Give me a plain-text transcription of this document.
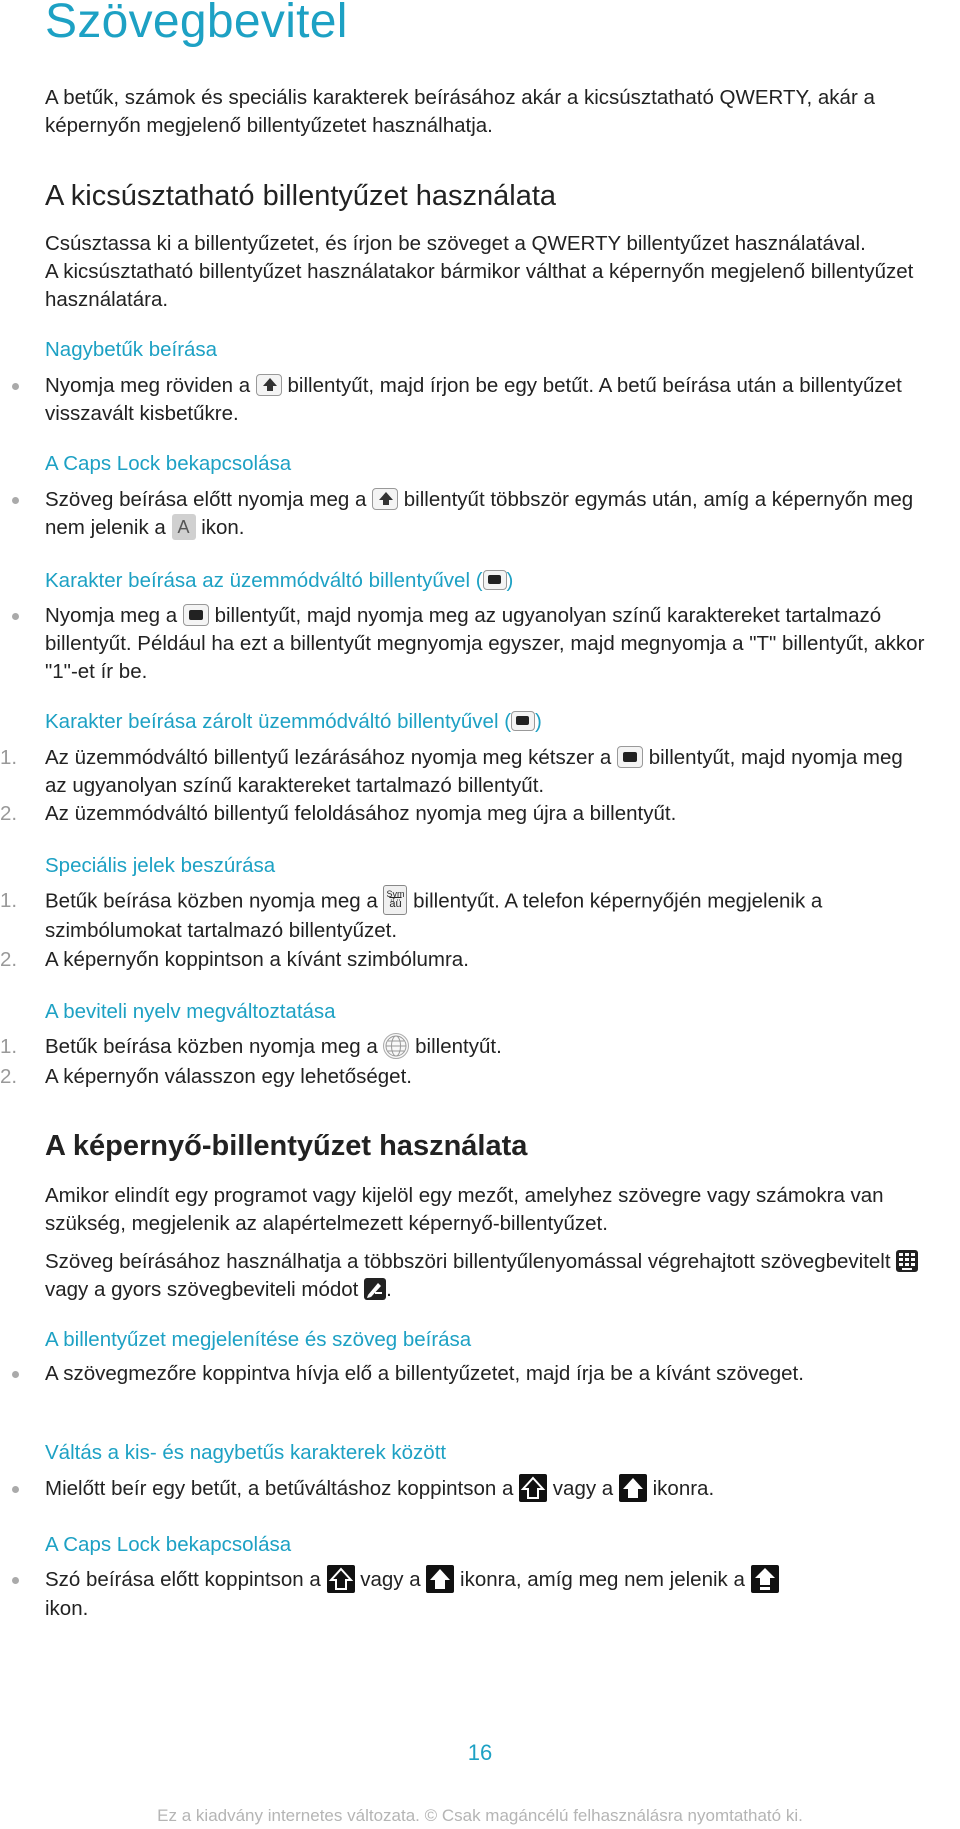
Szövegbevitel

A betűk, számok és speciális karakterek beírásához akár a kicsúsztatható QWERTY, akár a képernyőn megjelenő billentyűzetet használhatja.

A kicsúsztatható billentyűzet használata

Csúsztassa ki a billentyűzetet, és írjon be szöveget a QWERTY billentyűzet használatával.
A kicsúsztatható billentyűzet használatakor bármikor válthat a képernyőn megjelenő billentyűzet használatára.

Nagybetűk beírása
Nyomja meg röviden a billentyűt, majd írjon be egy betűt. A betű beírása után a billentyűzet visszavált kisbetűkre.
A Caps Lock bekapcsolása
Szöveg beírása előtt nyomja meg a billentyűt többször egymás után, amíg a képernyőn meg nem jelenik a A ikon.
Karakter beírása az üzemmódváltó billentyűvel ( )
Nyomja meg a billentyűt, majd nyomja meg az ugyanolyan színű karaktereket tartalmazó billentyűt. Például ha ezt a billentyűt megnyomja egyszer, majd megnyomja a "T" billentyűt, akkor "1"-et ír be.
Karakter beírása zárolt üzemmódváltó billentyűvel ( )
1. Az üzemmódváltó billentyű lezárásához nyomja meg kétszer a billentyűt, majd nyomja meg az ugyanolyan színű karaktereket tartalmazó billentyűt.
2. Az üzemmódváltó billentyű feloldásához nyomja meg újra a billentyűt.
Speciális jelek beszúrása
1. Betűk beírása közben nyomja meg a Sym
$\overline{äü}$ billentyűt. A telefon képernyőjén megjelenik a szimbólumokat tartalmazó billentyűzet.
2. A képernyőn koppintson a kívánt szimbólumra.
A beviteli nyelv megváltoztatása
1. Betűk beírása közben nyomja meg a billentyűt.
2. A képernyőn válasszon egy lehetőséget.
A képernyő-billentyűzet használata

Amikor elindít egy programot vagy kijelöl egy mezőt, amelyhez szövegre vagy számokra van szükség, megjelenik az alapértelmezett képernyő-billentyűzet.

Szöveg beírásához használhatja a többszöri billentyűlenyomással végrehajtott szövegbevitelt
vagy a gyors szövegbeviteli módot .

A billentyűzet megjelenítése és szöveg beírása
A szövegmezőre koppintva hívja elő a billentyűzetet, majd írja be a kívánt szöveget.
Váltás a kis- és nagybetűs karakterek között
Mielőtt beír egy betűt, a betűváltáshoz koppintson a vagy a ikonra.
A Caps Lock bekapcsolása
Szó beírása előtt koppintson a vagy a ikonra, amíg meg nem jelenik a

ikon.
16
Ez a kiadvány internetes változata. © Csak magáncélú felhasználásra nyomtatható ki.
